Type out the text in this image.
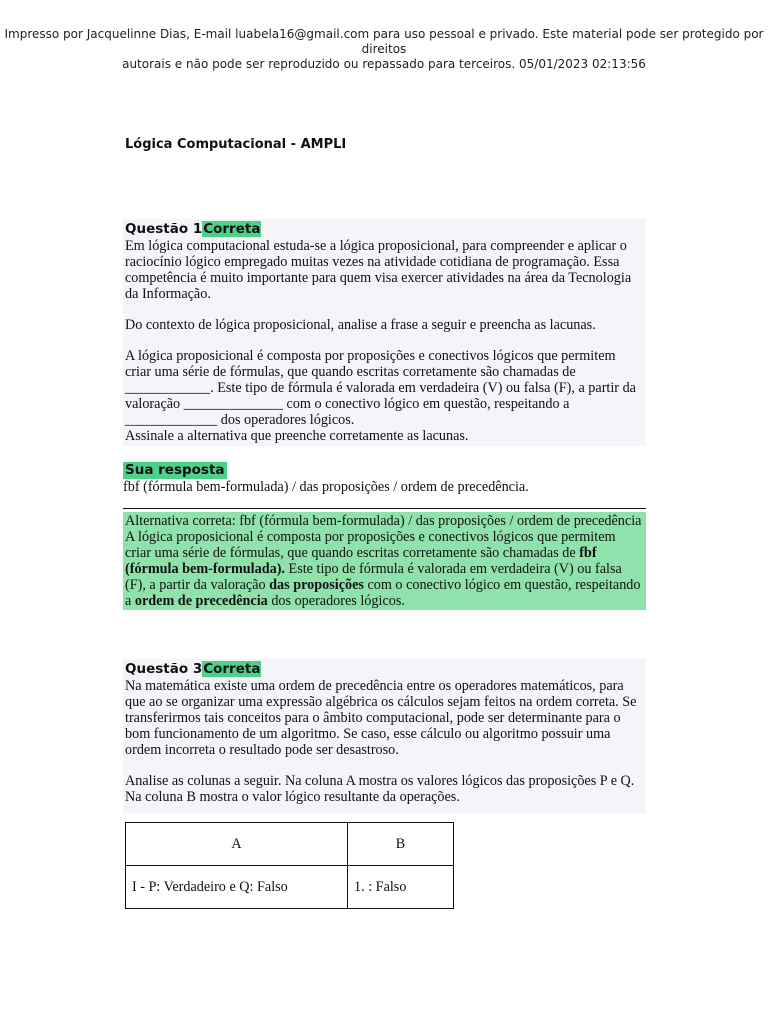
Impresso por Jacquelinne Dias, E-mail luabela16@gmail.com para uso pessoal e privado. Este material pode ser protegido por direitos
autorais e não pode ser reproduzido ou repassado para terceiros. 05/01/2023 02:13:56
Lógica Computacional - AMPLI
Questão 1Correta

Em lógica computacional estuda-se a lógica proposicional, para compreender e aplicar o raciocínio lógico empregado muitas vezes na atividade cotidiana de programação. Essa competência é muito importante para quem visa exercer atividades na área da Tecnologia da Informação.

Do contexto de lógica proposicional, analise a frase a seguir e preencha as lacunas.

A lógica proposicional é composta por proposições e conectivos lógicos que permitem criar uma série de fórmulas, que quando escritas corretamente são chamadas de ____________. Este tipo de fórmula é valorada em verdadeira (V) ou falsa (F), a partir da valoração ______________ com o conectivo lógico em questão, respeitando a _____________ dos operadores lógicos.

Assinale a alternativa que preenche corretamente as lacunas.

Sua resposta
fbf (fórmula bem-formulada) / das proposições / ordem de precedência.
Alternativa correta: fbf (fórmula bem-formulada) / das proposições / ordem de precedência A lógica proposicional é composta por proposições e conectivos lógicos que permitem criar uma série de fórmulas, que quando escritas corretamente são chamadas de fbf (fórmula bem-formulada). Este tipo de fórmula é valorada em verdadeira (V) ou falsa (F), a partir da valoração das proposições com o conectivo lógico em questão, respeitando a ordem de precedência dos operadores lógicos.
Questão 3Correta

Na matemática existe uma ordem de precedência entre os operadores matemáticos, para que ao se organizar uma expressão algébrica os cálculos sejam feitos na ordem correta. Se transferirmos tais conceitos para o âmbito computacional, pode ser determinante para o bom funcionamento de um algoritmo. Se caso, esse cálculo ou algoritmo possuir uma ordem incorreta o resultado pode ser desastroso.

Analise as colunas a seguir. Na coluna A mostra os valores lógicos das proposições P e Q. Na coluna B mostra o valor lógico resultante da operações.

A	B
I - P: Verdadeiro e Q: Falso	1. : Falso
